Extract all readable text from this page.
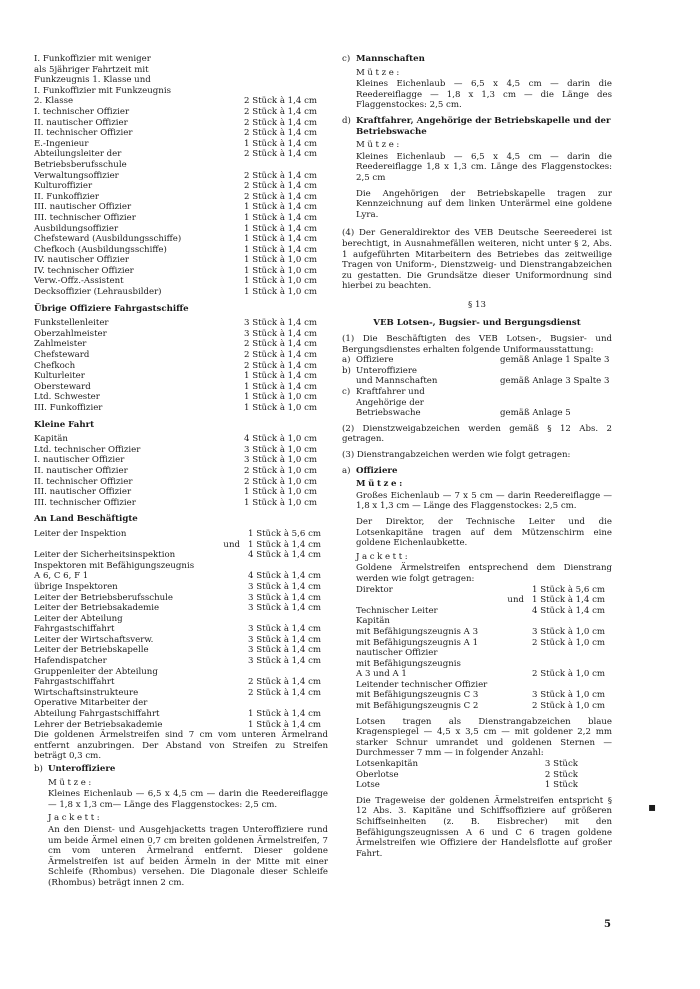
I. Funkoffizier mit weniger
als 5jähriger Fahrtzeit mit
Funkzeugnis 1. Klasse und
I. Funkoffizier mit Funkzeugnis
2. Klasse	2 Stück à 1,4 cm
I. technischer Offizier	2 Stück à 1,4 cm
II. nautischer Offizier	2 Stück à 1,4 cm
II. technischer Offizier	2 Stück à 1,4 cm
E.-Ingenieur	1 Stück à 1,4 cm
Abteilungsleiter der	2 Stück à 1,4 cm
Betriebsberufsschule
Verwaltungsoffizier	2 Stück à 1,4 cm
Kulturoffizier	2 Stück à 1,4 cm
II. Funkoffizier	2 Stück à 1,4 cm
III. nautischer Offizier	1 Stück à 1,4 cm
III. technischer Offizier	1 Stück à 1,4 cm
Ausbildungsoffizier	1 Stück à 1,4 cm
Chefsteward (Ausbildungsschiffe)	1 Stück à 1,4 cm
Chefkoch (Ausbildungsschiffe)	1 Stück à 1,4 cm
IV. nautischer Offizier	1 Stück à 1,0 cm
IV. technischer Offizier	1 Stück à 1,0 cm
Verw.-Offz.-Assistent	1 Stück à 1,0 cm
Decksoffizier (Lehrausbilder)	1 Stück à 1,0 cm
Übrige Offiziere Fahrgastschiffe
Funkstellenleiter	3 Stück à 1,4 cm
Oberzahlmeister	3 Stück à 1,4 cm
Zahlmeister	2 Stück à 1,4 cm
Chefsteward	2 Stück à 1,4 cm
Chefkoch	2 Stück à 1,4 cm
Kulturleiter	1 Stück à 1,4 cm
Obersteward	1 Stück à 1,4 cm
Ltd. Schwester	1 Stück à 1,0 cm
III. Funkoffizier	1 Stück à 1,0 cm
Kleine Fahrt
Kapitän	4 Stück à 1,0 cm
Ltd. technischer Offizier	3 Stück à 1,0 cm
I. nautischer Offizier	3 Stück à 1,0 cm
II. nautischer Offizier	2 Stück à 1,0 cm
II. technischer Offizier	2 Stück à 1,0 cm
III. nautischer Offizier	1 Stück à 1,0 cm
III. technischer Offizier	1 Stück à 1,0 cm
An Land Beschäftigte
Leiter der Inspektion	1 Stück à 5,6 cm
und 1 Stück à 1,4 cm
Leiter der Sicherheitsinspektion	4 Stück à 1,4 cm
Inspektoren mit Befähigungszeugnis
A 6, C 6, F 1	4 Stück à 1,4 cm
übrige Inspektoren	3 Stück à 1,4 cm
Leiter der Betriebsberufsschule	3 Stück à 1,4 cm
Leiter der Betriebsakademie	3 Stück à 1,4 cm
Leiter der Abteilung
Fahrgastschiffahrt	3 Stück à 1,4 cm
Leiter der Wirtschaftsverw.	3 Stück à 1,4 cm
Leiter der Betriebskapelle	3 Stück à 1,4 cm
Hafendispatcher	3 Stück à 1,4 cm
Gruppenleiter der Abteilung
Fahrgastschiffahrt	2 Stück à 1,4 cm
Wirtschaftsinstrukteure	2 Stück à 1,4 cm
Operative Mitarbeiter der
Abteilung Fahrgastschiffahrt	1 Stück à 1,4 cm
Lehrer der Betriebsakademie	1 Stück à 1,4 cm

Die goldenen Ärmelstreifen sind 7 cm vom unteren Ärmelrand entfernt anzubringen. Der Abstand von Streifen zu Streifen beträgt 0,3 cm.

b) Unteroffiziere
Mütze:

Kleines Eichenlaub — 6,5 x 4,5 cm — darin die Reedereiflagge — 1,8 x 1,3 cm— Länge des Flaggenstockes: 2,5 cm.

Jackett:

An den Dienst- und Ausgehjacketts tragen Unteroffiziere rund um beide Ärmel einen 0,7 cm breiten goldenen Ärmelstreifen, 7 cm vom unteren Ärmelrand entfernt. Dieser goldene Ärmelstreifen ist auf beiden Ärmeln in der Mitte mit einer Schleife (Rhombus) versehen. Die Diagonale dieser Schleife (Rhombus) beträgt innen 2 cm.

c) Mannschaften
Mütze:

Kleines Eichenlaub — 6,5 x 4,5 cm — darin die Reedereiflagge — 1,8 x 1,3 cm — die Länge des Flaggenstockes: 2,5 cm.

d) Kraftfahrer, Angehörige der Betriebskapelle und der Betriebswache
Mütze:

Kleines Eichenlaub — 6,5 x 4,5 cm — darin die Reedereiflagge 1,8 x 1,3 cm. Länge des Flaggenstockes: 2,5 cm

Die Angehörigen der Betriebskapelle tragen zur Kennzeichnung auf dem linken Unterärmel eine goldene Lyra.

(4) Der Generaldirektor des VEB Deutsche Seereederei ist berechtigt, in Ausnahmefällen weiteren, nicht unter § 2, Abs. 1 aufgeführten Mitarbeitern des Betriebes das zeitweilige Tragen von Uniform-, Dienstzweig- und Dienstrangabzeichen zu gestatten. Die Grundsätze dieser Uniformordnung sind hierbei zu beachten.

§ 13
VEB Lotsen-, Bugsier- und Bergungsdienst

(1) Die Beschäftigten des VEB Lotsen-, Bugsier- und Bergungsdienstes erhalten folgende Uniformausstattung:

a) Offiziere	gemäß Anlage 1 Spalte 3
b) Unteroffiziere
und Mannschaften	gemäß Anlage 3 Spalte 3
c) Kraftfahrer und
Angehörige der
Betriebswache	gemäß Anlage 5

(2) Dienstzweigabzeichen werden gemäß § 12 Abs. 2 getragen.

(3) Dienstrangabzeichen werden wie folgt getragen:

a) Offiziere
Mütze:

Großes Eichenlaub — 7 x 5 cm — darin Reedereiflagge — 1,8 x 1,3 cm — Länge des Flaggenstockes: 2,5 cm.

Der Direktor, der Technische Leiter und die Lotsenkapitäne tragen auf dem Mützenschirm eine goldene Eichenlaubkette.

Jackett:

Goldene Ärmelstreifen entsprechend dem Dienstrang werden wie folgt getragen:

Direktor	1 Stück à 5,6 cm
und 1 Stück à 1,4 cm
Technischer Leiter	4 Stück à 1,4 cm
Kapitän
mit Befähigungszeugnis A 3	3 Stück à 1,0 cm
mit Befähigungszeugnis A 1	2 Stück à 1,0 cm
nautischer Offizier
mit Befähigungszeugnis
A 3 und A 1	2 Stück à 1,0 cm
Leitender technischer Offizier
mit Befähigungszeugnis C 3	3 Stück à 1,0 cm
mit Befähigungszeugnis C 2	2 Stück à 1,0 cm

Lotsen tragen als Dienstrangabzeichen blaue Kragenspiegel — 4,5 x 3,5 cm — mit goldener 2,2 mm starker Schnur umrandet und goldenen Sternen — Durchmesser 7 mm — in folgender Anzahl:

Lotsenkapitän	3 Stück
Oberlotse	2 Stück
Lotse	1 Stück

Die Trageweise der goldenen Ärmelstreifen entspricht § 12 Abs. 3. Kapitäne und Schiffsoffiziere auf größeren Schiffseinheiten (z. B. Eisbrecher) mit den Befähigungszeugnissen A 6 und C 6 tragen goldene Ärmelstreifen wie Offiziere der Handelsflotte auf großer Fahrt.

5
▪
